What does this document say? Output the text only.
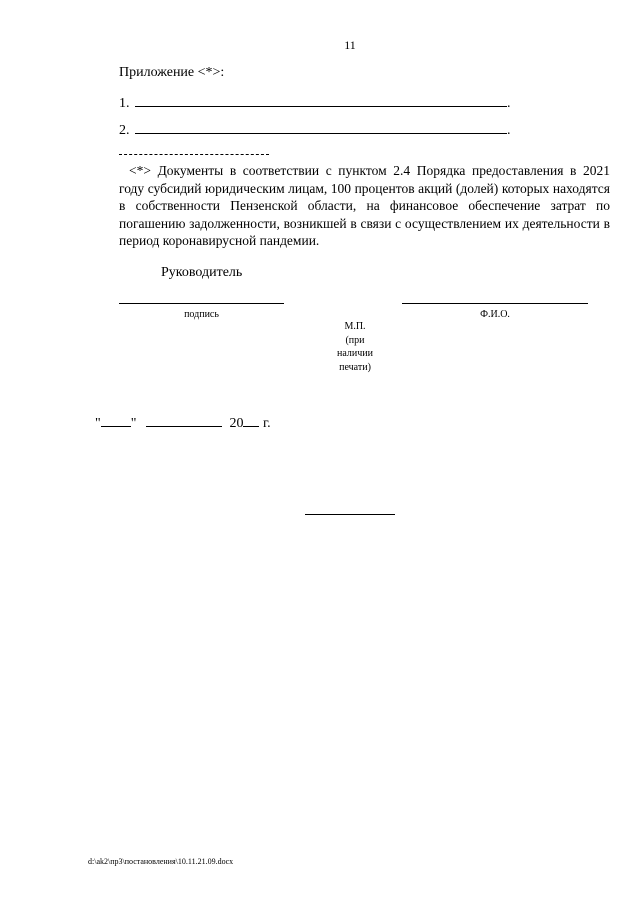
11
Приложение <*>:
1.	.
2.	.
<*> Документы в соответствии с пунктом 2.4 Порядка предоставления в 2021
году субсидий юридическим лицам, 100 процентов акций (долей) которых находятся
в собственности Пензенской области, на финансовое обеспечение затрат по
погашению задолженности, возникшей в связи с осуществлением их деятельности в
период коронавирусной пандемии.
Руководитель
подпись	Ф.И.О.
М.П.
(при
наличии
печати)
" "	20 г.
d:\ak2\пр3\постановления\10.11.21.09.docx
